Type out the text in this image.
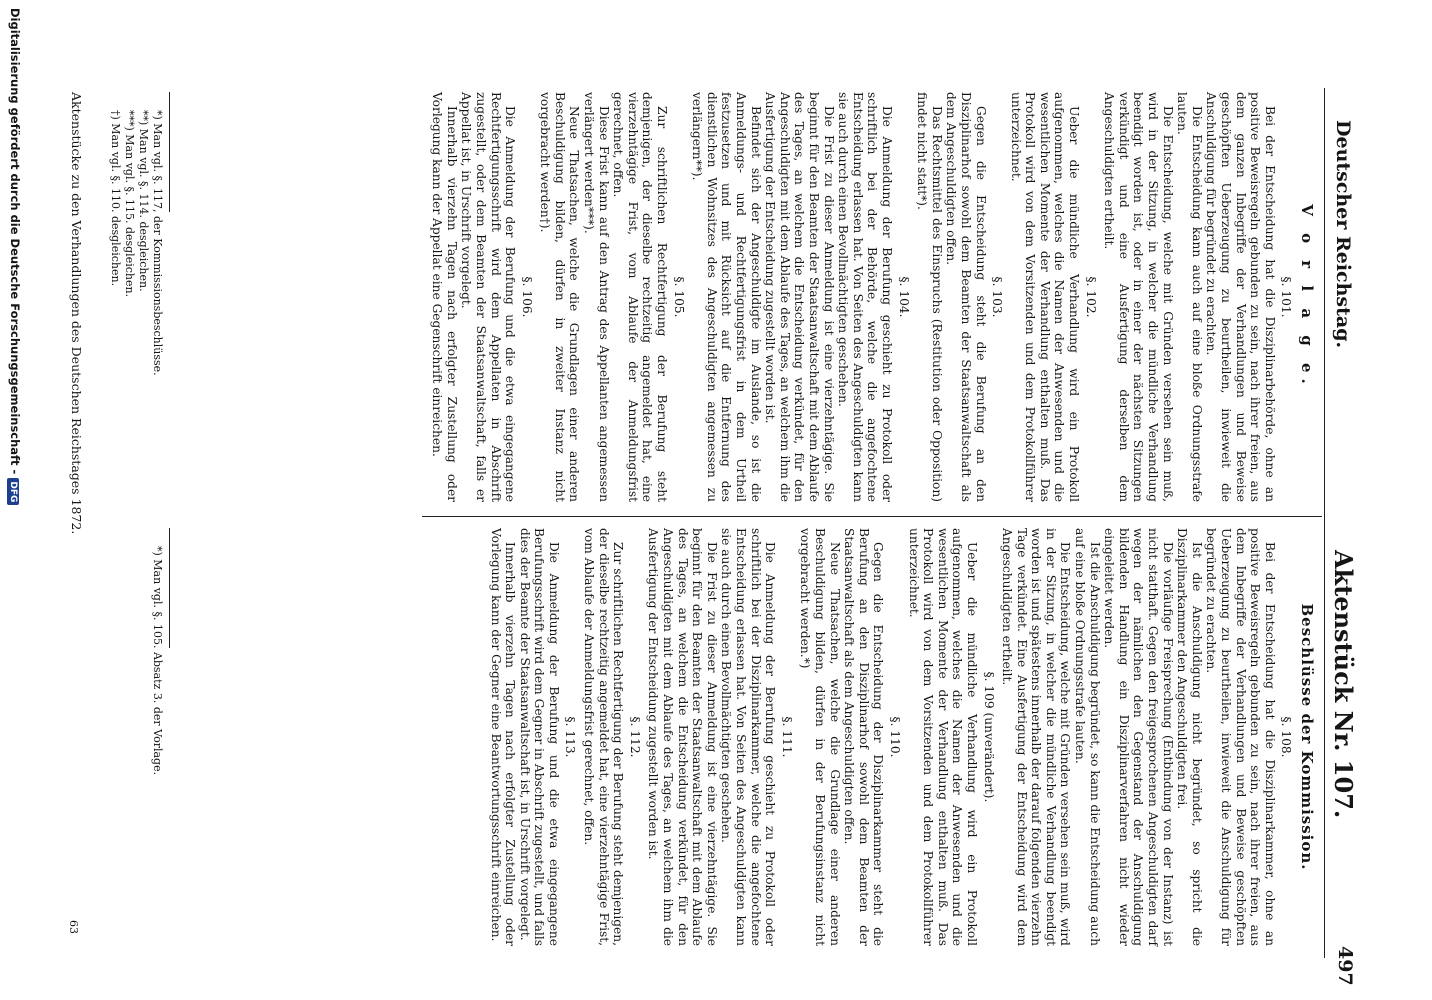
Deutscher Reichstag.
Aktenstück Nr. 107.
497
V o r l a g e.
§. 101.

Bei der Entscheidung hat die Disziplinarbehörde, ohne an positive Beweisregeln gebunden zu sein, nach ihrer freien, aus dem ganzen Inbegriffe der Verhandlungen und Beweise geschöpften Ueberzeugung zu beurtheilen, inwieweit die Anschuldigung für begründet zu erachten.

Die Entscheidung kann auch auf eine bloße Ordnungsstrafe lauten.

Die Entscheidung, welche mit Gründen versehen sein muß, wird in der Sitzung, in welcher die mündliche Verhandlung beendigt worden ist, oder in einer der nächsten Sitzungen verkündigt und eine Ausfertigung derselben dem Angeschuldigten ertheilt.

§. 102.

Ueber die mündliche Verhandlung wird ein Protokoll aufgenommen, welches die Namen der Anwesenden und die wesentlichen Momente der Verhandlung enthalten muß. Das Protokoll wird von dem Vorsitzenden und dem Protokollführer unterzeichnet.

§. 103.

Gegen die Entscheidung steht die Berufung an den Disziplinarhof sowohl dem Beamten der Staatsanwaltschaft als dem Angeschuldigten offen.

Das Rechtsmittel des Einspruchs (Restitution oder Opposition) findet nicht statt*).

§. 104.

Die Anmeldung der Berufung geschieht zu Protokoll oder schriftlich bei der Behörde, welche die angefochtene Entscheidung erlassen hat. Von Seiten des Angeschuldigten kann sie auch durch einen Bevollmächtigten geschehen.

Die Frist zu dieser Anmeldung ist eine vierzehntägige. Sie beginnt für den Beamten der Staatsanwaltschaft mit dem Ablaufe des Tages, an welchem die Entscheidung verkündet, für den Angeschuldigten mit dem Ablaufe des Tages, an welchem ihm die Ausfertigung der Entscheidung zugestellt worden ist.

Befindet sich der Angeschuldigte im Auslande, so ist die Anmeldungs- und Rechtfertigungsfrist in dem Urtheil festzusetzen und mit Rücksicht auf die Entfernung des dienstlichen Wohnsitzes des Angeschuldigten angemessen zu verlängern**).

§. 105.

Zur schriftlichen Rechtfertigung der Berufung steht demjenigen, der dieselbe rechtzeitig angemeldet hat, eine vierzehntägige Frist, vom Ablaufe der Anmeldungsfrist gerechnet, offen.

Diese Frist kann auf den Antrag des Appellanten angemessen verlängert werden***).

Neue Thatsachen, welche die Grundlagen einer anderen Beschuldigung bilden, dürfen in zweiter Instanz nicht vorgebracht werden†).

§. 106.

Die Anmeldung der Berufung und die etwa eingegangene Rechtfertigungsschrift wird dem Appellaten in Abschrift zugestellt, oder dem Beamten der Staatsanwaltschaft, falls er Appellat ist, in Urschrift vorgelegt.

Innerhalb vierzehn Tagen nach erfolgter Zustellung oder Vorlegung kann der Appellat eine Gegenschrift einreichen.

Beschlüsse der Kommission.
§. 108.

Bei der Entscheidung hat die Disziplinarkammer, ohne an positive Beweisregeln gebunden zu sein, nach ihrer freien, aus dem Inbegriffe der Verhandlungen und Beweise geschöpften Ueberzeugung zu beurtheilen, inwieweit die Anschuldigung für begründet zu erachten.

Ist die Anschuldigung nicht begründet, so spricht die Disziplinarkammer den Angeschuldigten frei.

Die vorläufige Freisprechung (Entbindung von der Instanz) ist nicht statthaft. Gegen den freigesprochenen Angeschuldigten darf wegen der nämlichen den Gegenstand der Anschuldigung bildenden Handlung ein Disziplinarverfahren nicht wieder eingeleitet werden.

Ist die Anschuldigung begründet, so kann die Entscheidung auch auf eine bloße Ordnungsstrafe lauten.

Die Entscheidung, welche mit Gründen versehen sein muß, wird in der Sitzung, in welcher die mündliche Verhandlung beendigt worden ist und spätestens innerhalb der darauf folgenden vierzehn Tage verkündet. Eine Ausfertigung der Entscheidung wird dem Angeschuldigten ertheilt.

§. 109 (unverändert).

Ueber die mündliche Verhandlung wird ein Protokoll aufgenommen, welches die Namen der Anwesenden und die wesentlichen Momente der Verhandlung enthalten muß. Das Protokoll wird von dem Vorsitzenden und dem Protokollführer unterzeichnet.

§. 110.

Gegen die Entscheidung der Disziplinarkammer steht die Berufung an den Disziplinarhof sowohl dem Beamten der Staatsanwaltschaft als dem Angeschuldigten offen.

Neue Thatsachen, welche die Grundlage einer anderen Beschuldigung bilden, dürfen in der Berufungsinstanz nicht vorgebracht werden.*)

§. 111.

Die Anmeldung der Berufung geschieht zu Protokoll oder schriftlich bei der Disziplinarkammer, welche die angefochtene Entscheidung erlassen hat. Von Seiten des Angeschuldigten kann sie auch durch einen Bevollmächtigten geschehen.

Die Frist zu dieser Anmeldung ist eine vierzehntägige. Sie beginnt für den Beamten der Staatsanwaltschaft mit dem Ablaufe des Tages, an welchem die Entscheidung verkündet, für den Angeschuldigten mit dem Ablaufe des Tages, an welchem ihm die Ausfertigung der Entscheidung zugestellt worden ist.

§. 112.

Zur schriftlichen Rechtfertigung der Berufung steht demjenigen, der dieselbe rechtzeitig angemeldet hat, eine vierzehntägige Frist, vom Ablaufe der Anmeldungsfrist gerechnet, offen.

§. 113.

Die Anmeldung der Berufung und die etwa eingegangene Berufungsschrift wird dem Gegner in Abschrift zugestellt, und falls dies der Beamte der Staatsanwaltschaft ist, in Urschrift vorgelegt.

Innerhalb vierzehn Tagen nach erfolgter Zustellung oder Vorlegung kann der Gegner eine Beantwortungsschrift einreichen.

*) Man vgl. §. 117, der Kommissionsbeschlüsse.
**) Man vgl. §. 114. desgleichen.
***) Man vgl. §. 115. desgleichen.
†) Man vgl. §. 110. desgleichen.
*) Man vgl. §. 105. Absatz 3. der Vorlage.
Aktenstücke zu den Verhandlungen des Deutschen Reichstages 1872.
63
Digitalisierung gefördert durch die Deutsche Forschungsgemeinschaft -DFG
